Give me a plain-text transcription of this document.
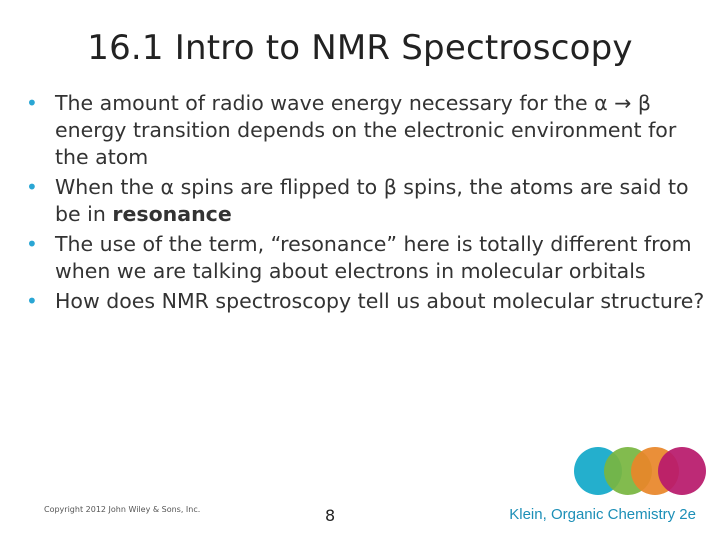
16.1 Intro to NMR Spectroscopy
• The amount of radio wave energy necessary for the α → β energy transition depends on the electronic environment for the atom
• When the α spins are flipped to β spins, the atoms are said to be in resonance
• The use of the term, “resonance” here is totally different from when we are talking about electrons in molecular orbitals
• How does NMR spectroscopy tell us about molecular structure?
Copyright 2012 John Wiley & Sons, Inc.	8	Klein, Organic Chemistry 2e
